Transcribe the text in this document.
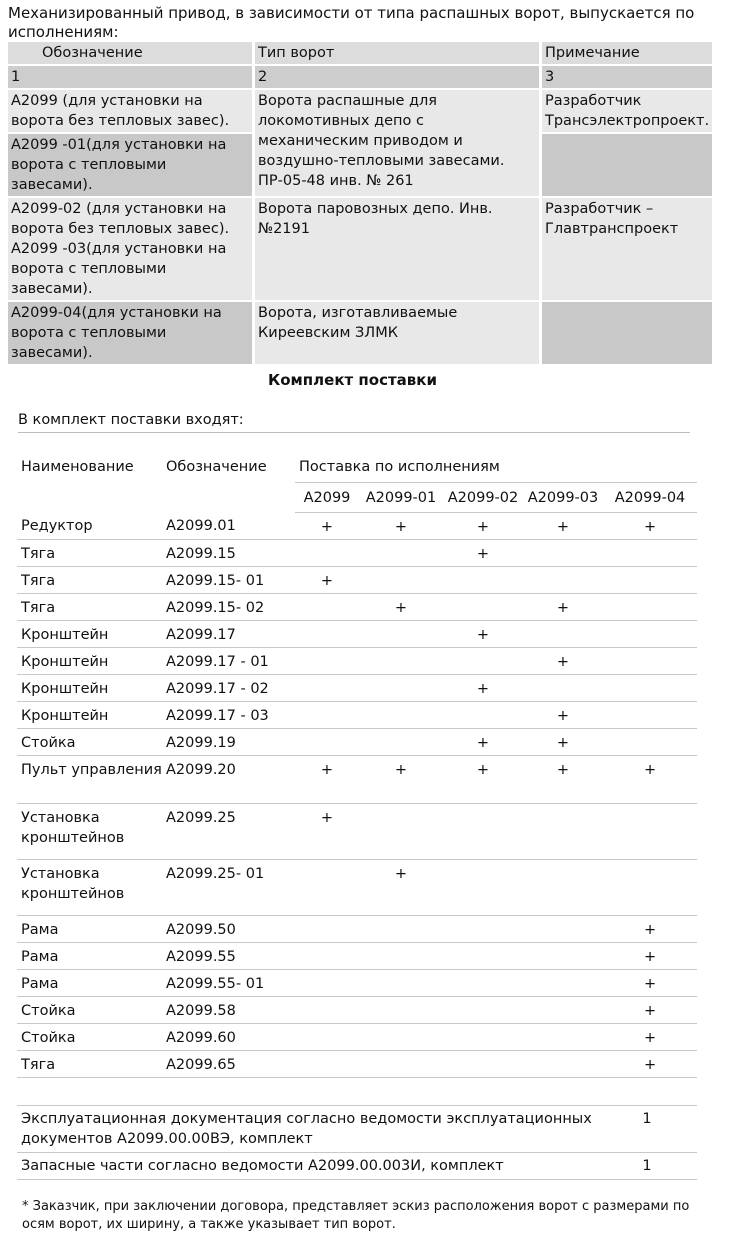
Механизированный привод, в зависимости от типа распашных ворот, выпускается по исполнениям:
Обозначение	Тип ворот	Примечание
1	2	3
А2099 (для установки на ворота без тепловых завес).	Ворота распашные для локомотивных депо с механическим приводом и воздушно-тепловыми завесами. ПР-05-48 инв. № 261	Разработчик Трансэлектропроект.
А2099 -01(для установки на ворота с тепловыми завесами).		
А2099-02 (для установки на ворота без тепловых завес). А2099 -03(для установки на ворота с тепловыми завесами).	Ворота паровозных депо. Инв.№2191	Разработчик – Главтранспроект
А2099-04(для установки на ворота с тепловыми завесами).	Ворота, изготавливаемые Киреевским ЗЛМК	
Комплект поставки
В комплект поставки входят:
Наименование	Обозначение	Поставка по исполнениям				
		А2099	А2099-01	А2099-02	А2099-03	А2099-04
Редуктор	А2099.01	+	+	+	+	+
Тяга	А2099.15			+		
Тяга	А2099.15- 01	+				
Тяга	А2099.15- 02		+		+	
Кронштейн	А2099.17			+		
Кронштейн	А2099.17 - 01				+	
Кронштейн	А2099.17 - 02			+		
Кронштейн	А2099.17 - 03				+	
Стойка	А2099.19			+	+	
Пульт управления	А2099.20	+	+	+	+	+
Установка кронштейнов	А2099.25	+				
Установка кронштейнов	А2099.25- 01		+			
Рама	А2099.50					+
Рама	А2099.55					+
Рама	А2099.55- 01					+
Стойка	А2099.58					+
Стойка	А2099.60					+
Тяга	А2099.65					+
Эксплуатационная документация согласно ведомости эксплуатационных документов А2099.00.00ВЭ, комплект	1
Запасные части согласно ведомости А2099.00.003И, комплект	1
* Заказчик, при заключении договора, представляет эскиз расположения ворот с размерами по осям ворот, их ширину, а также указывает тип ворот.
